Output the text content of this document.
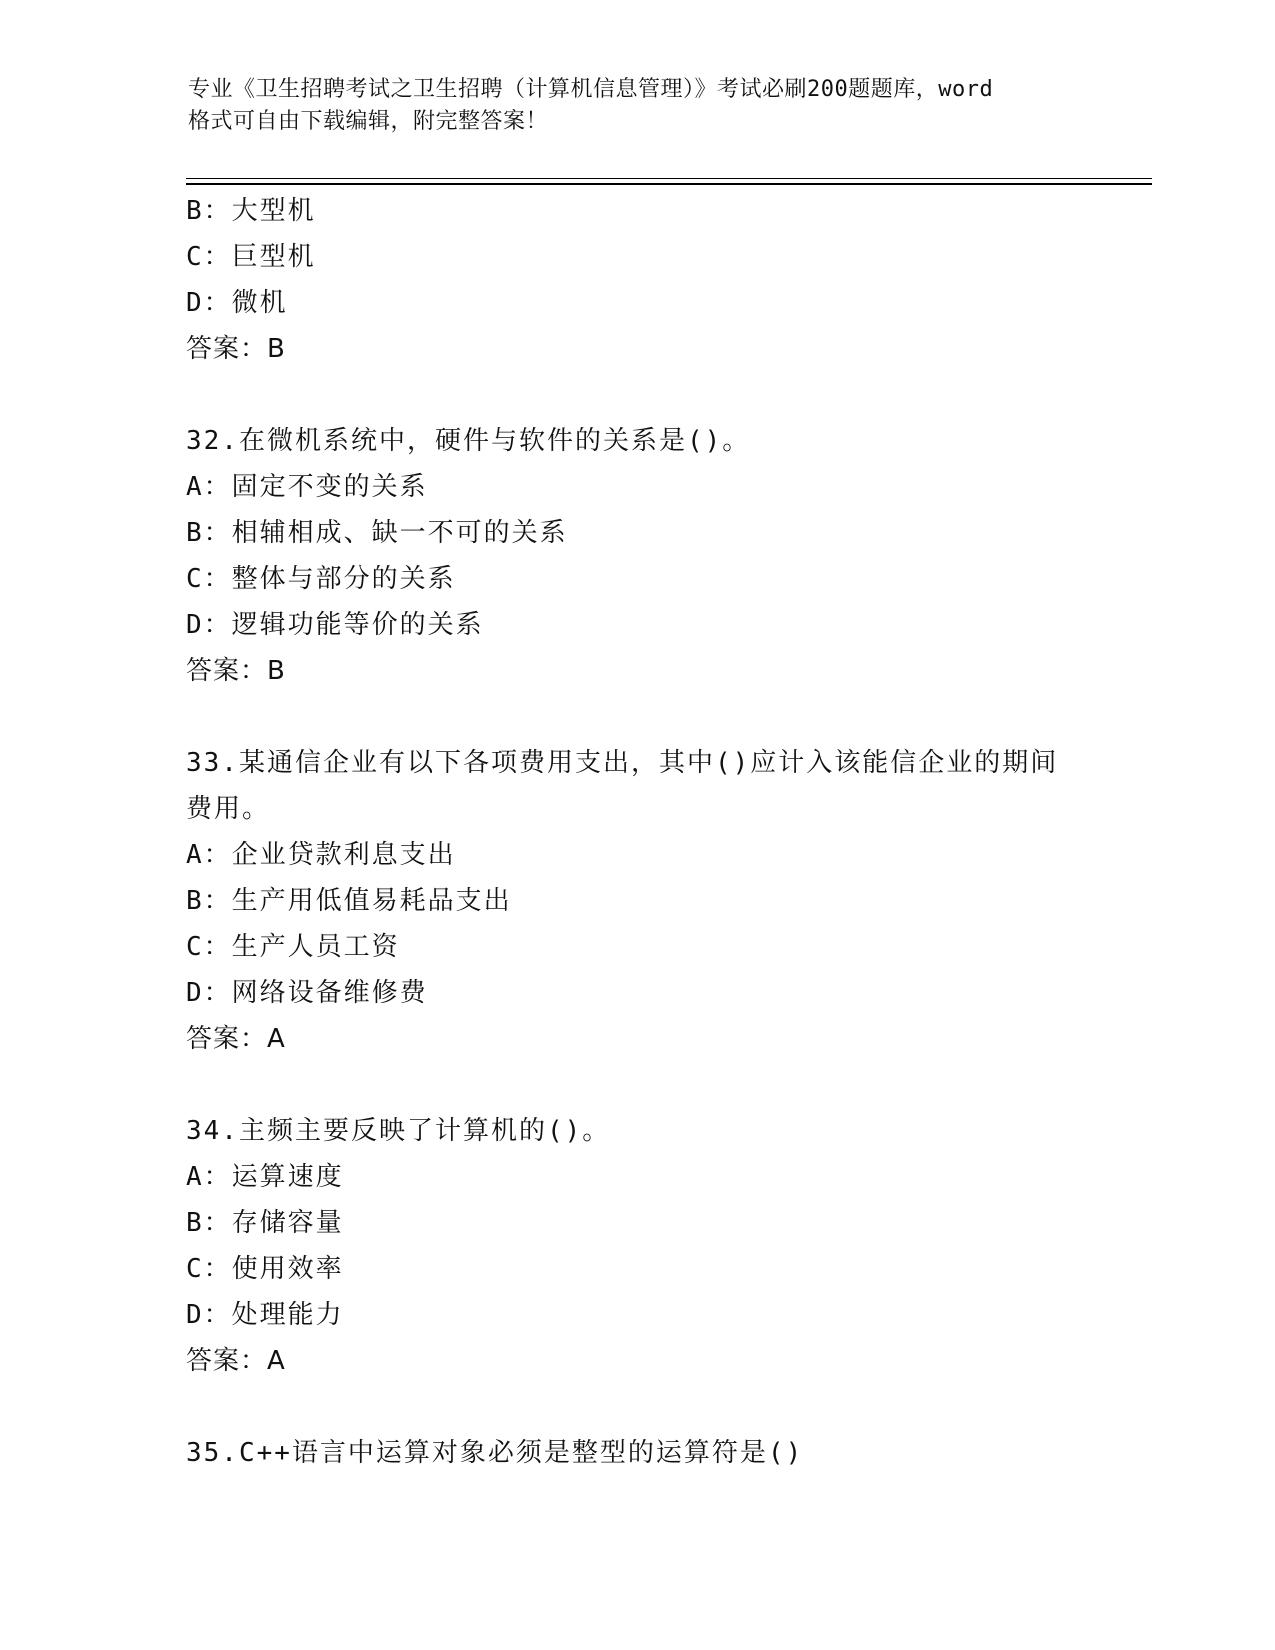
专业《卫生招聘考试之卫生招聘（计算机信息管理）》考试必刷200题题库，word
格式可自由下载编辑，附完整答案！
B：大型机
C：巨型机
D：微机
答案：B
32.在微机系统中，硬件与软件的关系是()。
A：固定不变的关系
B：相辅相成、缺一不可的关系
C：整体与部分的关系
D：逻辑功能等价的关系
答案：B
33.某通信企业有以下各项费用支出，其中()应计入该能信企业的期间
费用。
A：企业贷款利息支出
B：生产用低值易耗品支出
C：生产人员工资
D：网络设备维修费
答案：A
34.主频主要反映了计算机的()。
A：运算速度
B：存储容量
C：使用效率
D：处理能力
答案：A
35.C++语言中运算对象必须是整型的运算符是()
